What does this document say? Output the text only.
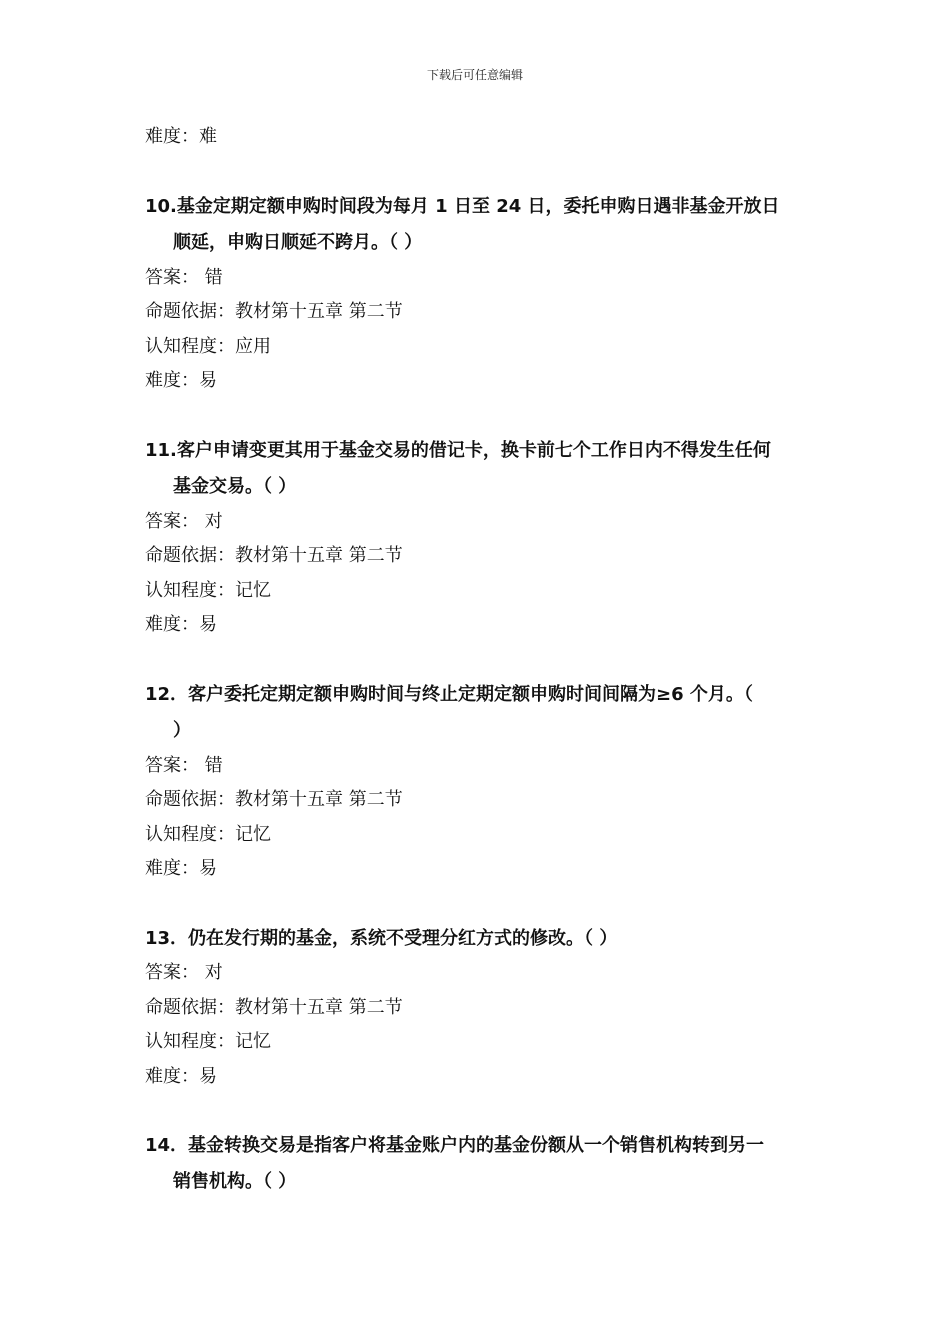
下载后可任意编辑
难度：难
10.基金定期定额申购时间段为每月 1 日至 24 日，委托申购日遇非基金开放日
顺延，申购日顺延不跨月。（ ）
答案： 错
命题依据：教材第十五章 第二节
认知程度：应用
难度：易
11.客户申请变更其用于基金交易的借记卡，换卡前七个工作日内不得发生任何
基金交易。（ ）
答案： 对
命题依据：教材第十五章 第二节
认知程度：记忆
难度：易
12．客户委托定期定额申购时间与终止定期定额申购时间间隔为≥6 个月。（
）
答案： 错
命题依据：教材第十五章 第二节
认知程度：记忆
难度：易
13．仍在发行期的基金，系统不受理分红方式的修改。（ ）
答案： 对
命题依据：教材第十五章 第二节
认知程度：记忆
难度：易
14．基金转换交易是指客户将基金账户内的基金份额从一个销售机构转到另一
销售机构。（ ）
